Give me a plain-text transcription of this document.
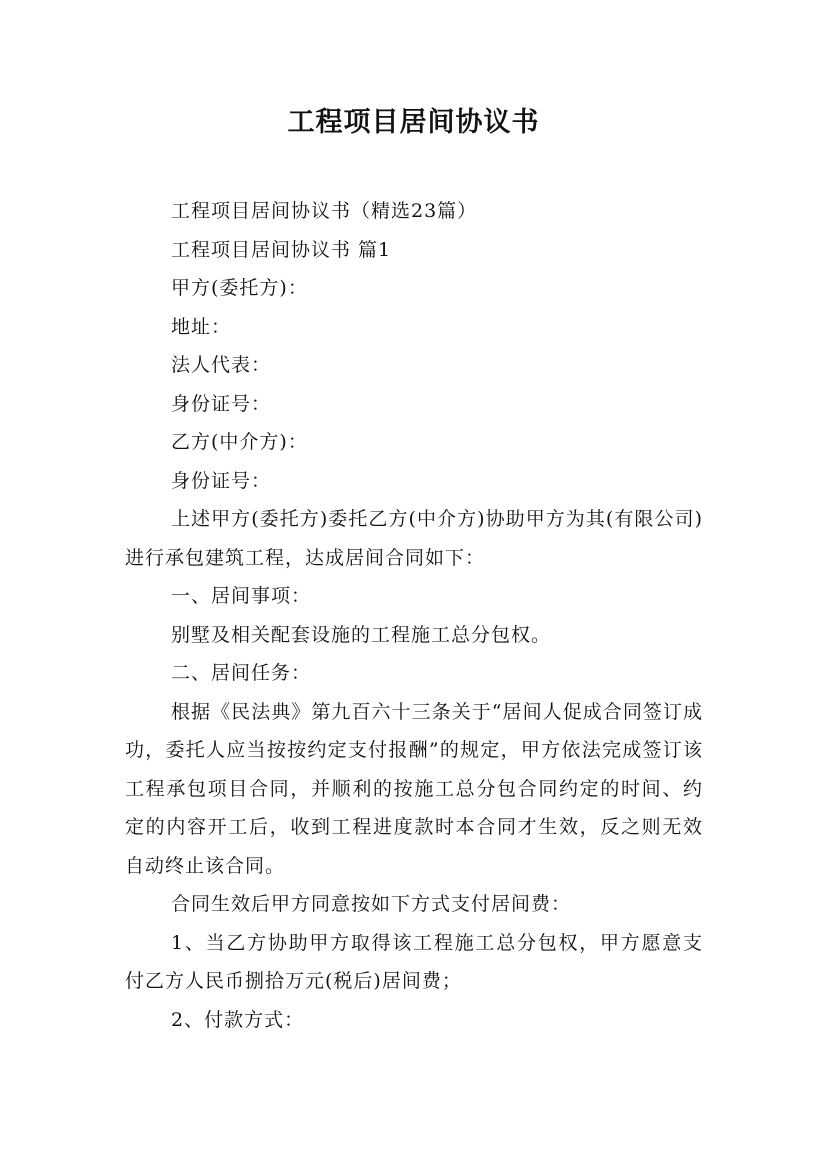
工程项目居间协议书

工程项目居间协议书（精选23篇）

工程项目居间协议书 篇1

甲方(委托方)：

地址：

法人代表：

身份证号：

乙方(中介方)：

身份证号：

上述甲方(委托方)委托乙方(中介方)协助甲方为其(有限公司)进行承包建筑工程，达成居间合同如下：

一、居间事项：

别墅及相关配套设施的工程施工总分包权。

二、居间任务：

根据《民法典》第九百六十三条关于“居间人促成合同签订成功，委托人应当按按约定支付报酬”的规定，甲方依法完成签订该工程承包项目合同，并顺利的按施工总分包合同约定的时间、约定的内容开工后，收到工程进度款时本合同才生效，反之则无效自动终止该合同。

合同生效后甲方同意按如下方式支付居间费：

1、当乙方协助甲方取得该工程施工总分包权，甲方愿意支付乙方人民币捌拾万元(税后)居间费；

2、付款方式：
